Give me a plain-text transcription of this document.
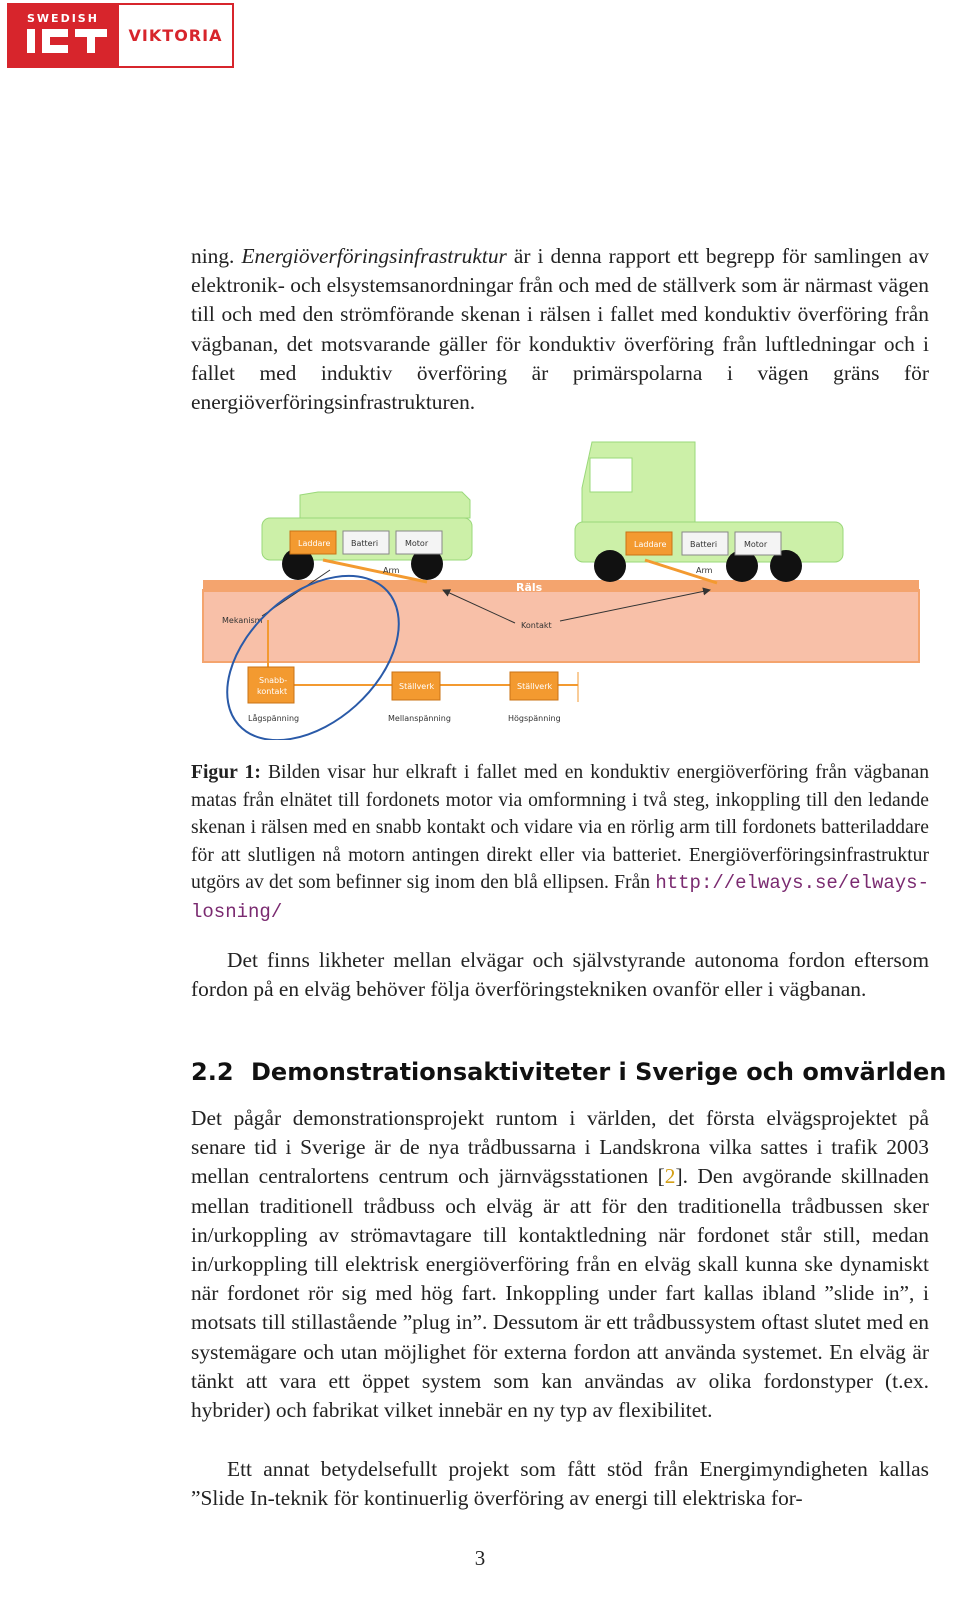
SWEDISH
VIKTORIA
ning. Energiöverföringsinfrastruktur är i denna rapport ett begrepp för samlingen av elektronik- och elsystemsanordningar från och med de ställverk som är närmast vägen till och med den strömförande skenan i rälsen i fallet med konduktiv överföring från vägbanan, det motsvarande gäller för konduktiv överföring från luftledningar och i fallet med induktiv överföring är primärspolarna i vägen gräns för energiöverföringsinfrastrukturen.
Räls
Laddare	Batteri	Motor	Laddare	Batteri	Motor
Arm	Arm
Mekanism
Kontakt
Snabb-
kontakt
Ställverk	Ställverk
Lågspänning	Mellanspänning	Högspänning
Figur 1: Bilden visar hur elkraft i fallet med en konduktiv energiöverföring från vägbanan matas från elnätet till fordonets motor via omformning i två steg, inkoppling till den ledande skenan i rälsen med en snabb kontakt och vidare via en rörlig arm till fordonets batteriladdare för att slutligen nå motorn antingen direkt eller via batteriet. Energiöverföringsinfrastruktur utgörs av det som befinner sig inom den blå ellipsen. Från http://elways.se/elways-losning/
Det finns likheter mellan elvägar och självstyrande autonoma fordon eftersom fordon på en elväg behöver följa överföringstekniken ovanför eller i vägbanan.
2.2 Demonstrationsaktiviteter i Sverige och omvärlden
Det pågår demonstrationsprojekt runtom i världen, det första elvägsprojektet på senare tid i Sverige är de nya trådbussarna i Landskrona vilka sattes i trafik 2003 mellan centralortens centrum och järnvägsstationen [2]. Den avgörande skillnaden mellan traditionell trådbuss och elväg är att för den traditionella trådbussen sker in/urkoppling av strömavtagare till kontaktledning när fordonet står still, medan in/urkoppling till elektrisk energiöverföring från en elväg skall kunna ske dynamiskt när fordonet rör sig med hög fart. Inkoppling under fart kallas ibland ”slide in”, i motsats till stillastående ”plug in”. Dessutom är ett trådbussystem oftast slutet med en systemägare och utan möjlighet för externa fordon att använda systemet. En elväg är tänkt att vara ett öppet system som kan användas av olika fordonstyper (t.ex. hybrider) och fabrikat vilket innebär en ny typ av flexibilitet.
Ett annat betydelsefullt projekt som fått stöd från Energimyndigheten kallas ”Slide In-teknik för kontinuerlig överföring av energi till elektriska for-
3
